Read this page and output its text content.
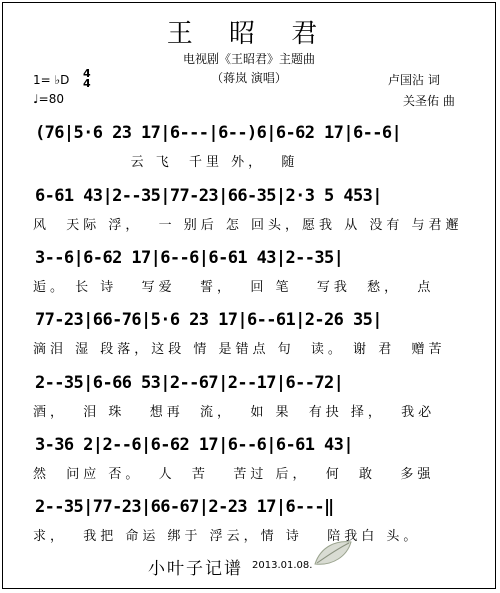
王 昭 君
电视剧《王昭君》主题曲
（蒋岚 演唱）
1= ♭D 4
4
♩=80
卢国沾 词
关圣佑 曲
(76|5·6 23 17|6---|6--)6|6-62 17|6--6|
云 飞  千里 外，  随
6-61 43|2--35|77-23|66-35|2·3 5 453|
风  天际 浮，  一 别后 怎 回头，愿我 从 没有 与君邂
3--6|6-62 17|6--6|6-61 43|2--35|
逅。 长 诗   写爱   誓，  回 笔   写我  愁，  点
77-23|66-76|5·6 23 17|6--61|2-26 35|
滴泪 湿 段落，这段 情 是错点 句  读。 谢 君  赠苦
2--35|6-66 53|2--67|2--17|6--72|
酒，  泪 珠   想再  流，  如 果  有抉 择，  我必
3-36 2|2--6|6-62 17|6--6|6-61 43|
然  问应 否。  人  苦   苦过 后，  何  敢   多强
2--35|77-23|66-67|2-23 17|6---‖
求，  我把 命运 绑于 浮云，情 诗   陪我白 头。
小叶子记谱 2013.01.08.
